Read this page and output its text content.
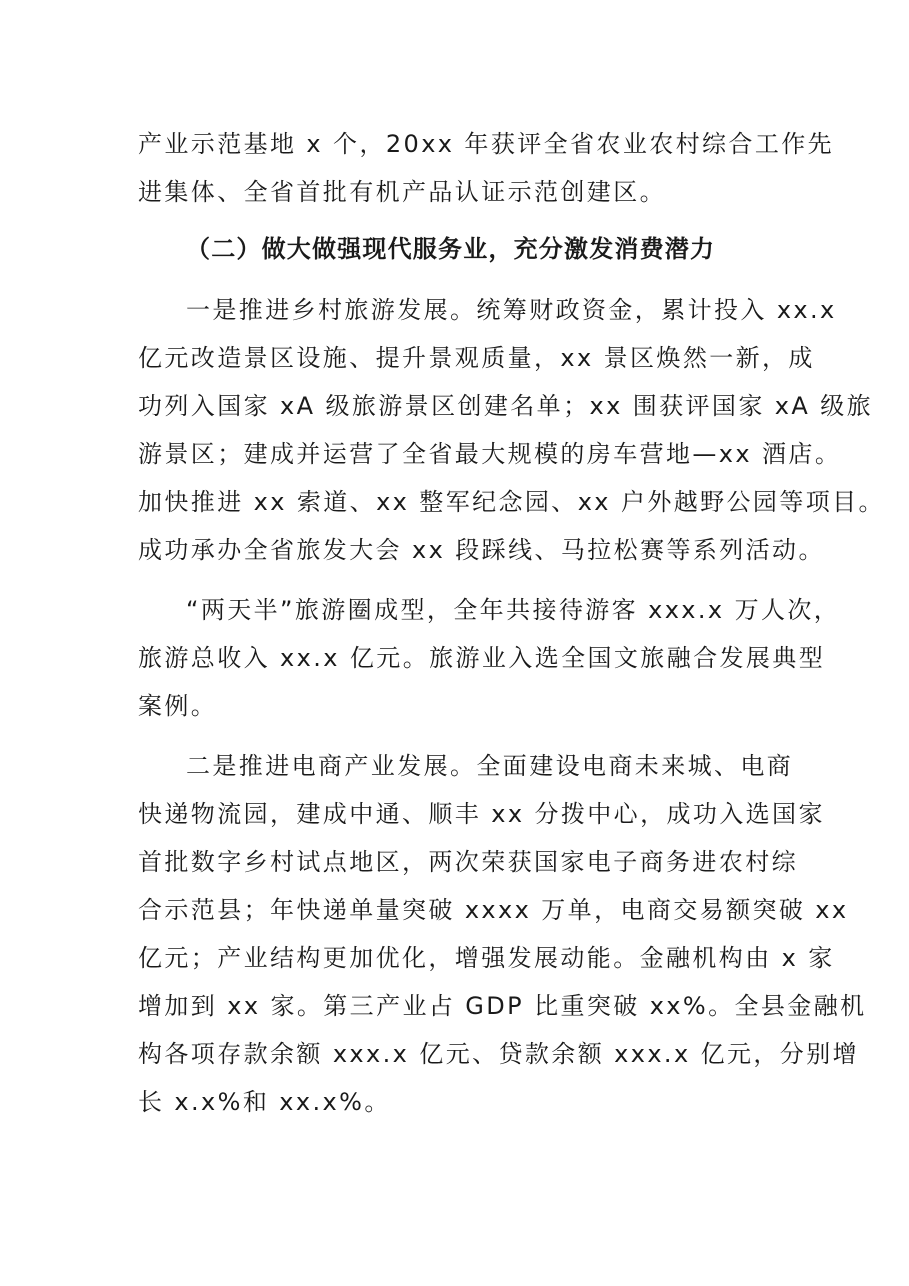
产业示范基地 x 个，20xx 年获评全省农业农村综合工作先
进集体、全省首批有机产品认证示范创建区。
（二）做大做强现代服务业，充分激发消费潜力
一是推进乡村旅游发展。统筹财政资金，累计投入 xx.x
亿元改造景区设施、提升景观质量，xx 景区焕然一新，成
功列入国家 xA 级旅游景区创建名单；xx 围获评国家 xA 级旅
游景区；建成并运营了全省最大规模的房车营地—xx 酒店。
加快推进 xx 索道、xx 整军纪念园、xx 户外越野公园等项目。
成功承办全省旅发大会 xx 段踩线、马拉松赛等系列活动。
“两天半”旅游圈成型，全年共接待游客 xxx.x 万人次，
旅游总收入 xx.x 亿元。旅游业入选全国文旅融合发展典型
案例。
二是推进电商产业发展。全面建设电商未来城、电商
快递物流园，建成中通、顺丰 xx 分拨中心，成功入选国家
首批数字乡村试点地区，两次荣获国家电子商务进农村综
合示范县；年快递单量突破 xxxx 万单，电商交易额突破 xx
亿元；产业结构更加优化，增强发展动能。金融机构由 x 家
增加到 xx 家。第三产业占 GDP 比重突破 xx%。全县金融机
构各项存款余额 xxx.x 亿元、贷款余额 xxx.x 亿元，分别增
长 x.x%和 xx.x%。
